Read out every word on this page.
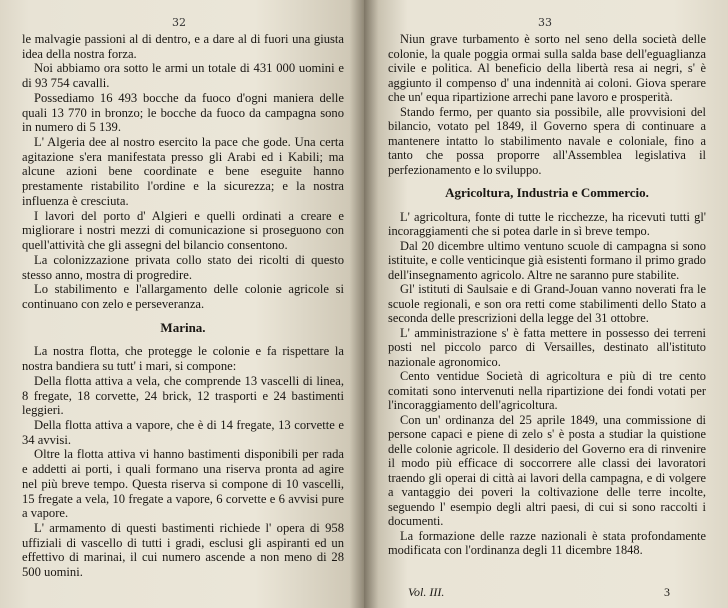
32

le malvagie passioni al di dentro, e a dare al di fuori una giusta idea della nostra forza.

Noi abbiamo ora sotto le armi un totale di 431 000 uomini e di 93 754 cavalli.

Possediamo 16 493 bocche da fuoco d'ogni maniera delle quali 13 770 in bronzo; le bocche da fuoco da campagna sono in numero di 5 139.

L' Algeria dee al nostro esercito la pace che gode. Una certa agitazione s'era manifestata presso gli Arabi ed i Kabili; ma alcune azioni bene coordinate e bene eseguite hanno prestamente ristabilito l'ordine e la sicurezza; e la nostra influenza è cresciuta.

I lavori del porto d' Algieri e quelli ordinati a creare e migliorare i nostri mezzi di comunicazione si proseguono con quell'attività che gli assegni del bilancio consentono.

La colonizzazione privata collo stato dei ricolti di questo stesso anno, mostra di progredire.

Lo stabilimento e l'allargamento delle colonie agricole si continuano con zelo e perseveranza.

Marina.

La nostra flotta, che protegge le colonie e fa rispettare la nostra bandiera su tutt' i mari, si compone:

Della flotta attiva a vela, che comprende 13 vascelli di linea, 8 fregate, 18 corvette, 24 brick, 12 trasporti e 24 bastimenti leggieri.

Della flotta attiva a vapore, che è di 14 fregate, 13 corvette e 34 avvisi.

Oltre la flotta attiva vi hanno bastimenti disponibili per rada e addetti ai porti, i quali formano una riserva pronta ad agire nel più breve tempo. Questa riserva si compone di 10 vascelli, 15 fregate a vela, 10 fregate a vapore, 6 corvette e 6 avvisi pure a vapore.

L' armamento di questi bastimenti richiede l' opera di 958 uffiziali di vascello di tutti i gradi, esclusi gli aspiranti ed un effettivo di marinai, il cui numero ascende a non meno di 28 500 uomini.

33

Niun grave turbamento è sorto nel seno della società delle colonie, la quale poggia ormai sulla salda base dell'eguaglianza civile e politica. Al beneficio della libertà resa ai negri, s' è aggiunto il compenso d' una indennità ai coloni. Giova sperare che un' equa ripartizione arrechi pane lavoro e prosperità.

Stando fermo, per quanto sia possibile, alle provvisioni del bilancio, votato pel 1849, il Governo spera di continuare a mantenere intatto lo stabilimento navale e coloniale, fino a tanto che possa proporre all'Assemblea legislativa il perfezionamento e lo sviluppo.

Agricoltura, Industria e Commercio.

L' agricoltura, fonte di tutte le ricchezze, ha ricevuti tutti gl' incoraggiamenti che si potea darle in sì breve tempo.

Dal 20 dicembre ultimo ventuno scuole di campagna si sono istituite, e colle venticinque già esistenti formano il primo grado dell'insegnamento agricolo. Altre ne saranno pure stabilite.

Gl' istituti di Saulsaie e di Grand-Jouan vanno noverati fra le scuole regionali, e son ora retti come stabilimenti dello Stato a seconda delle prescrizioni della legge del 31 ottobre.

L' amministrazione s' è fatta mettere in possesso dei terreni posti nel piccolo parco di Versailles, destinato all'istituto nazionale agronomico.

Cento ventidue Società di agricoltura e più di tre cento comitati sono intervenuti nella ripartizione dei fondi votati per l'incoraggiamento dell'agricoltura.

Con un' ordinanza del 25 aprile 1849, una commissione di persone capaci e piene di zelo s' è posta a studiar la quistione delle colonie agricole. Il desiderio del Governo era di rinvenire il modo più efficace di soccorrere alle classi dei lavoratori traendo gli operai di città ai lavori della campagna, e di volgere a vantaggio dei poveri la coltivazione delle terre incolte, seguendo l' esempio degli altri paesi, di cui si sono raccolti i documenti.

La formazione delle razze nazionali è stata profondamente modificata con l'ordinanza degli 11 dicembre 1848.

Vol. III.	3
